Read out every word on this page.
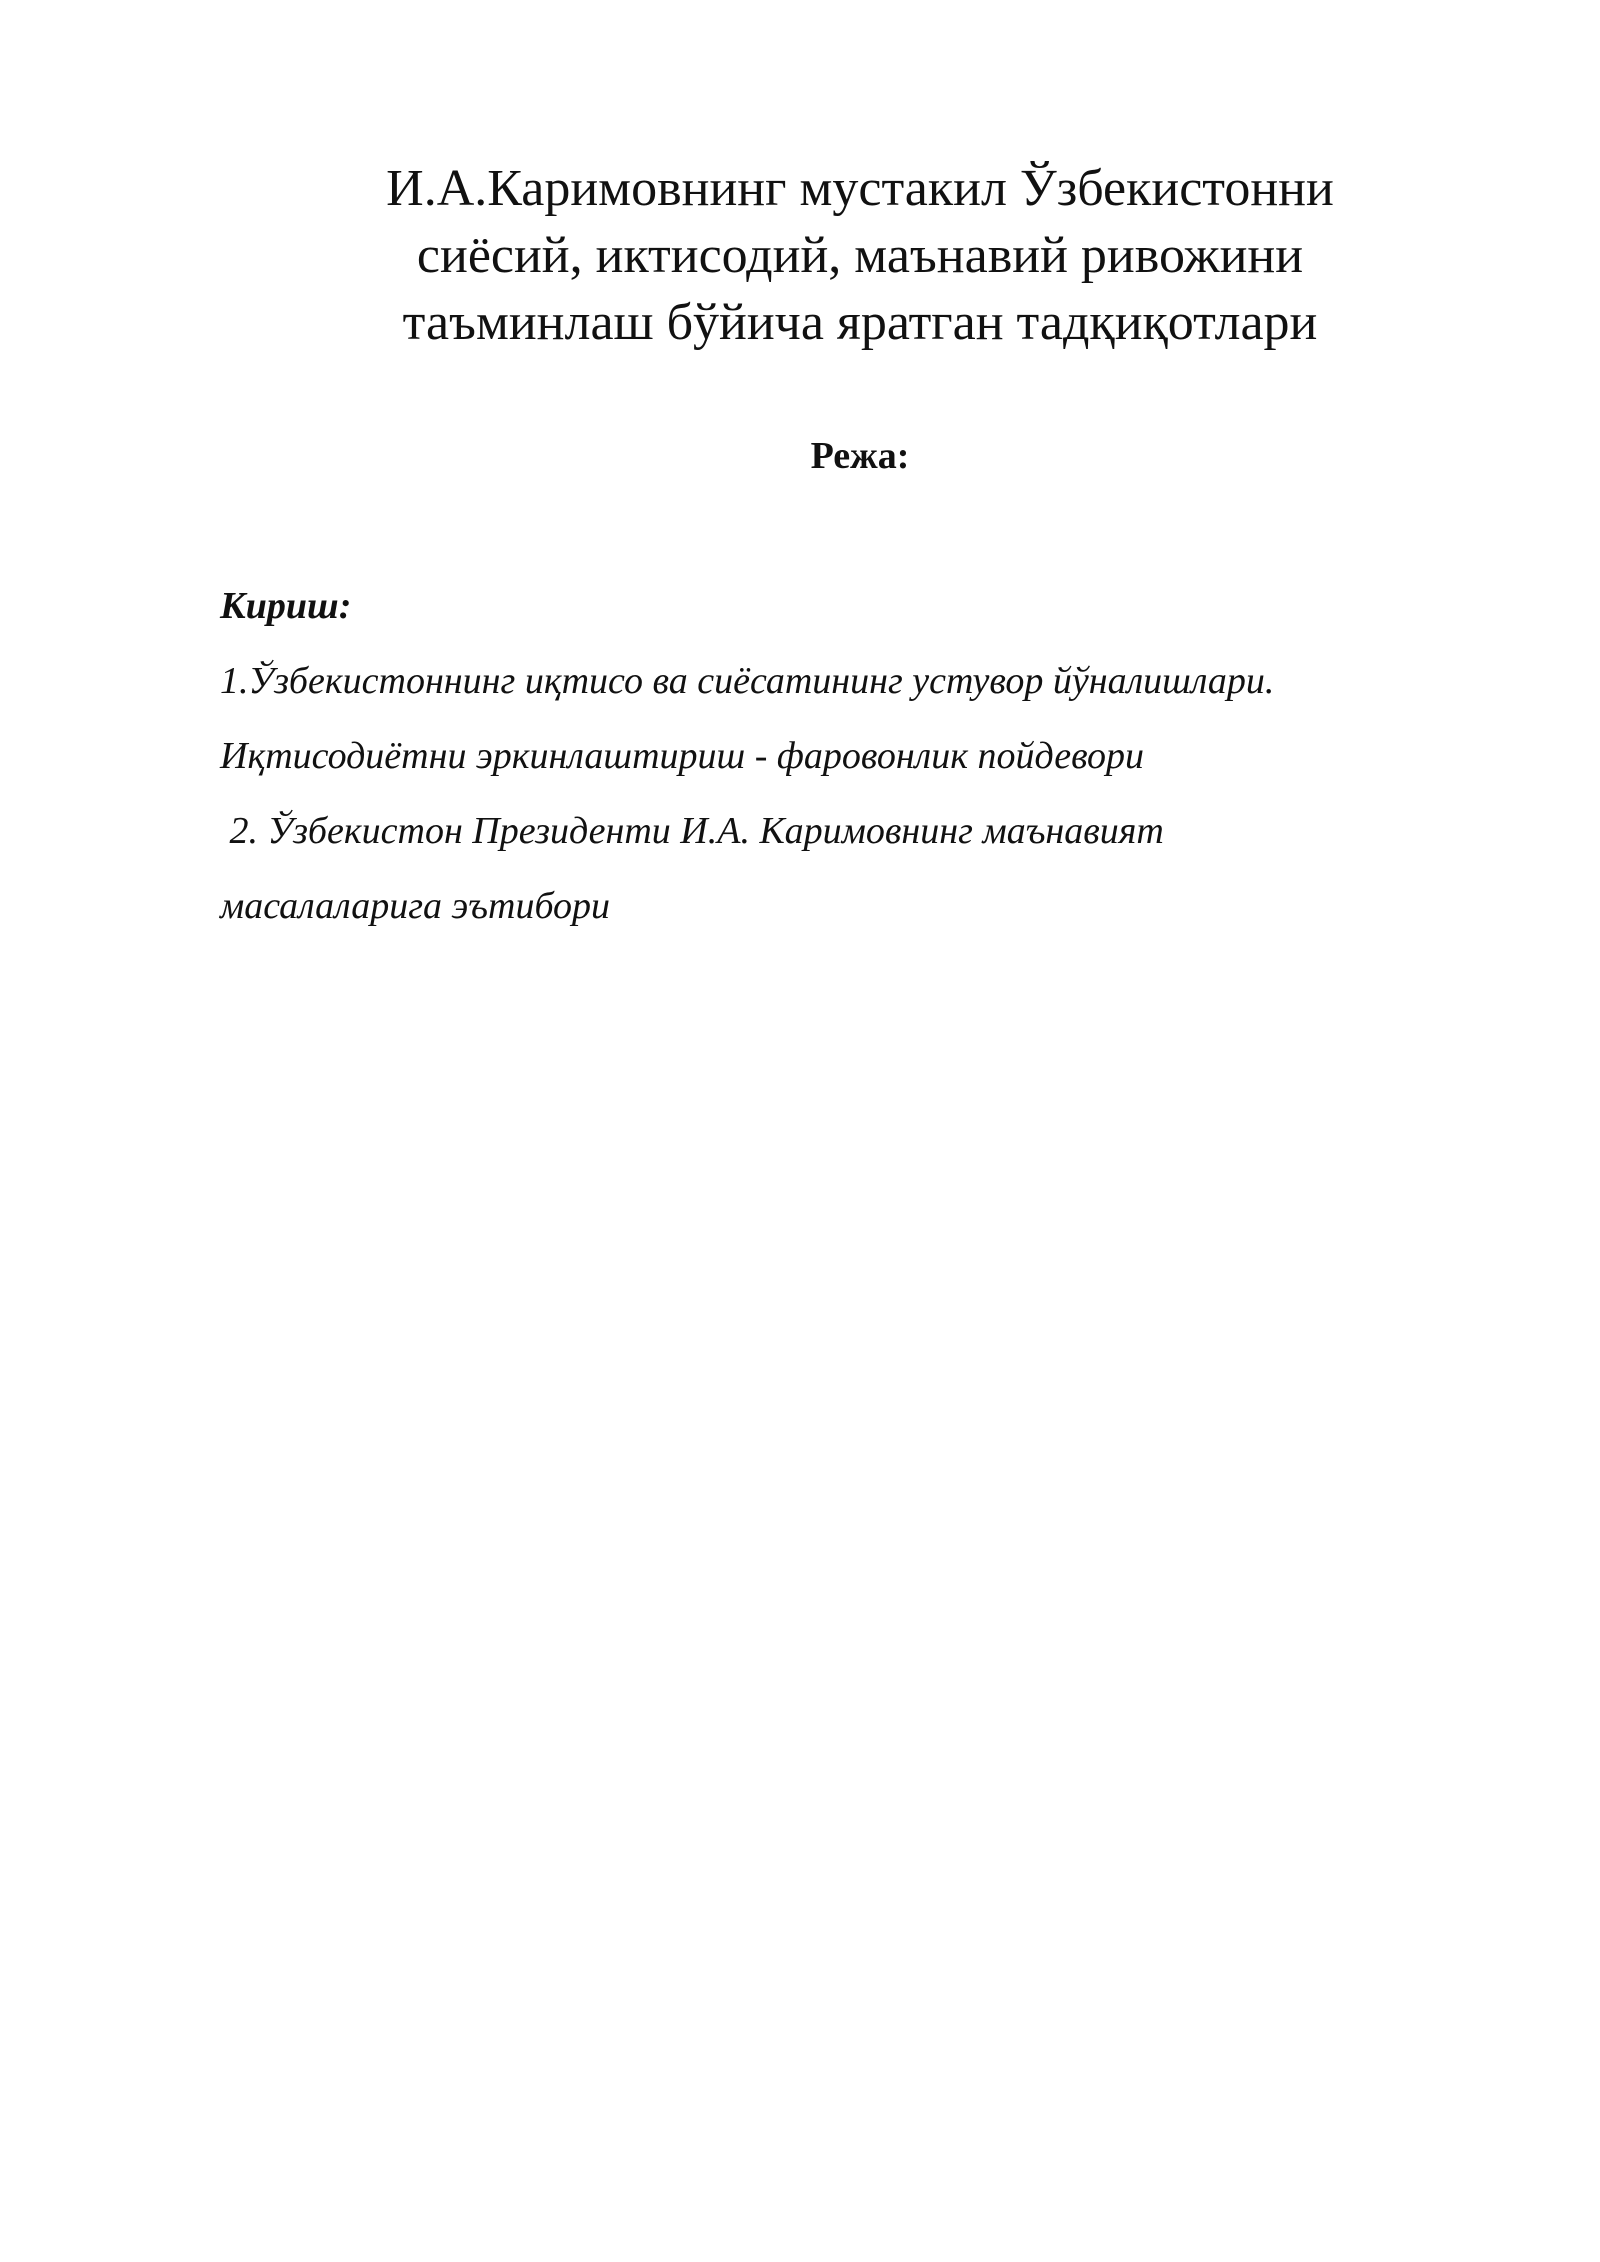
И.А.Каримовнинг мустакил Ўзбекистонни
сиёсий, иктисодий, маънавий ривожини
таъминлаш бўйича яратган тадқиқотлари

Режа:

Кириш:

1.Ўзбекистоннинг иқтисо ва сиёсатининг устувор йўналишлари.

Иқтисодиётни эркинлаштириш - фаровонлик пойдевори

2. Ўзбекистон Президенти И.А. Каримовнинг маънавият

масалаларига эътибори
